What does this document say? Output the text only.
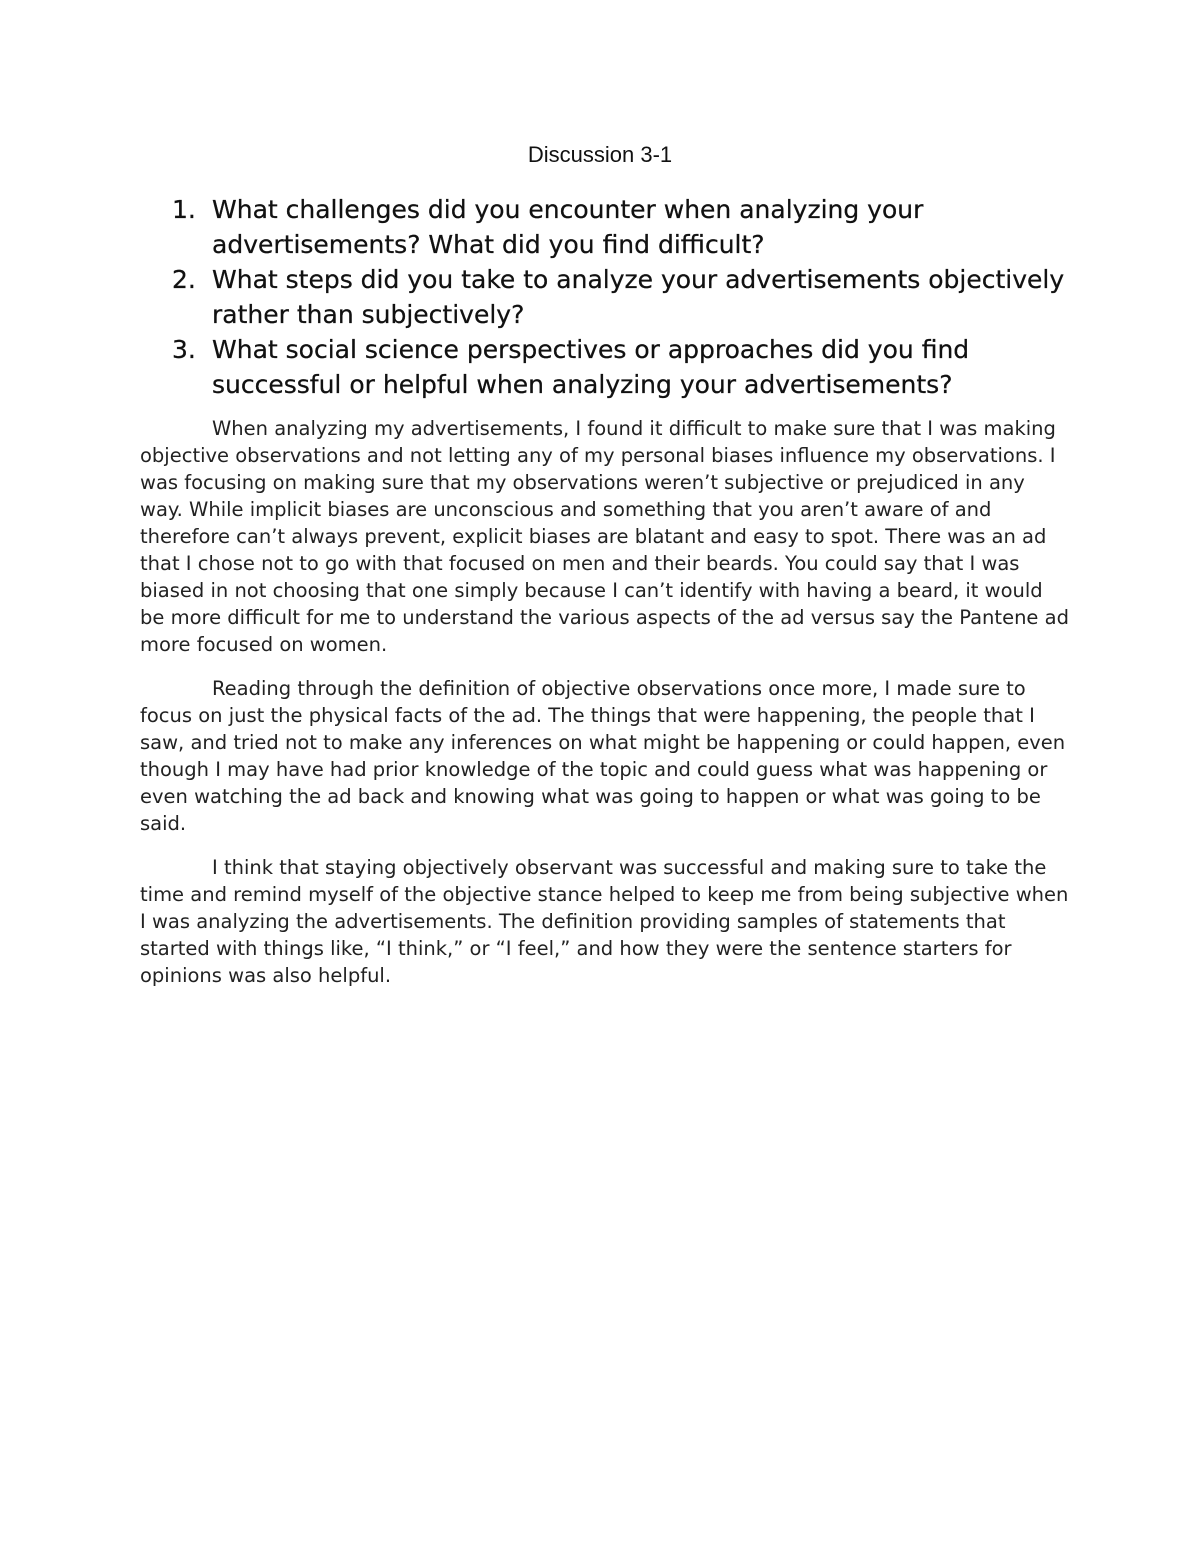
Discussion 3-1
1. What challenges did you encounter when analyzing your advertisements? What did you find difficult?
2. What steps did you take to analyze your advertisements objectively rather than subjectively?
3. What social science perspectives or approaches did you find successful or helpful when analyzing your advertisements?

When analyzing my advertisements, I found it difficult to make sure that I was making objective observations and not letting any of my personal biases influence my observations. I was focusing on making sure that my observations weren’t subjective or prejudiced in any way. While implicit biases are unconscious and something that you aren’t aware of and therefore can’t always prevent, explicit biases are blatant and easy to spot. There was an ad that I chose not to go with that focused on men and their beards. You could say that I was biased in not choosing that one simply because I can’t identify with having a beard, it would be more difficult for me to understand the various aspects of the ad versus say the Pantene ad more focused on women.

Reading through the definition of objective observations once more, I made sure to focus on just the physical facts of the ad. The things that were happening, the people that I saw, and tried not to make any inferences on what might be happening or could happen, even though I may have had prior knowledge of the topic and could guess what was happening or even watching the ad back and knowing what was going to happen or what was going to be said.

I think that staying objectively observant was successful and making sure to take the time and remind myself of the objective stance helped to keep me from being subjective when I was analyzing the advertisements. The definition providing samples of statements that started with things like, “I think,” or “I feel,” and how they were the sentence starters for opinions was also helpful.
